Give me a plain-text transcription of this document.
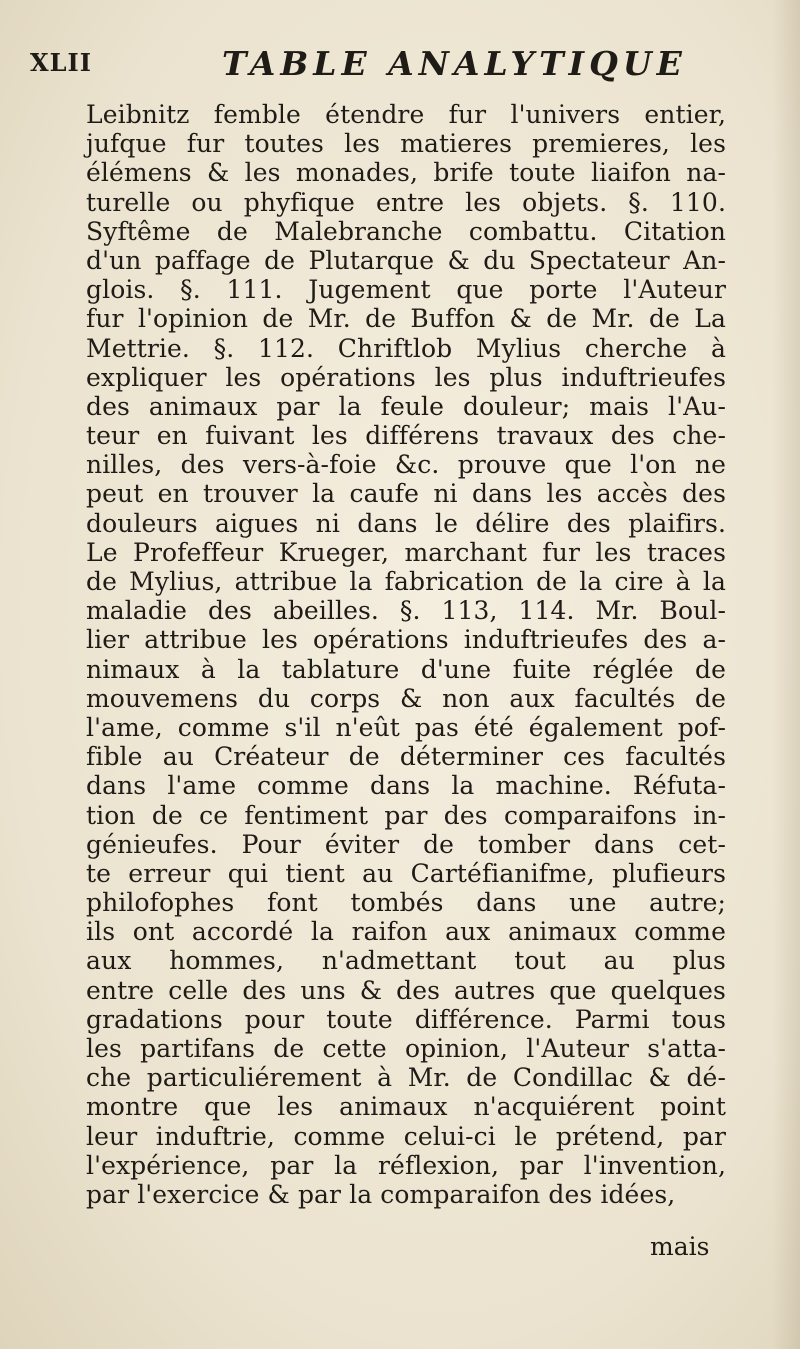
XLII	TABLE ANALYTIQUE
Leibnitz femble étendre fur l'univers entier,
jufque fur toutes les matieres premieres, les
élémens & les monades, brife toute liaifon na-
turelle ou phyfique entre les objets. §. 110.
Syftême de Malebranche combattu. Citation
d'un paffage de Plutarque & du Spectateur An-
glois. §. 111. Jugement que porte l'Auteur
fur l'opinion de Mr. de Buffon & de Mr. de La
Mettrie. §. 112. Chriftlob Mylius cherche à
expliquer les opérations les plus induftrieufes
des animaux par la feule douleur; mais l'Au-
teur en fuivant les différens travaux des che-
nilles, des vers-à-foie &c. prouve que l'on ne
peut en trouver la caufe ni dans les accès des
douleurs aigues ni dans le délire des plaifirs.
Le Profeffeur Krueger, marchant fur les traces
de Mylius, attribue la fabrication de la cire à la
maladie des abeilles. §. 113, 114. Mr. Boul-
lier attribue les opérations induftrieufes des a-
nimaux à la tablature d'une fuite réglée de
mouvemens du corps & non aux facultés de
l'ame, comme s'il n'eût pas été également pof-
fible au Créateur de déterminer ces facultés
dans l'ame comme dans la machine. Réfuta-
tion de ce fentiment par des comparaifons in-
génieufes. Pour éviter de tomber dans cet-
te erreur qui tient au Cartéfianifme, plufieurs
philofophes font tombés dans une autre;
ils ont accordé la raifon aux animaux comme
aux hommes, n'admettant tout au plus
entre celle des uns & des autres que quelques
gradations pour toute différence. Parmi tous
les partifans de cette opinion, l'Auteur s'atta-
che particuliérement à Mr. de Condillac & dé-
montre que les animaux n'acquiérent point
leur induftrie, comme celui-ci le prétend, par
l'expérience, par la réflexion, par l'invention,
par l'exercice & par la comparaifon des idées,
mais
